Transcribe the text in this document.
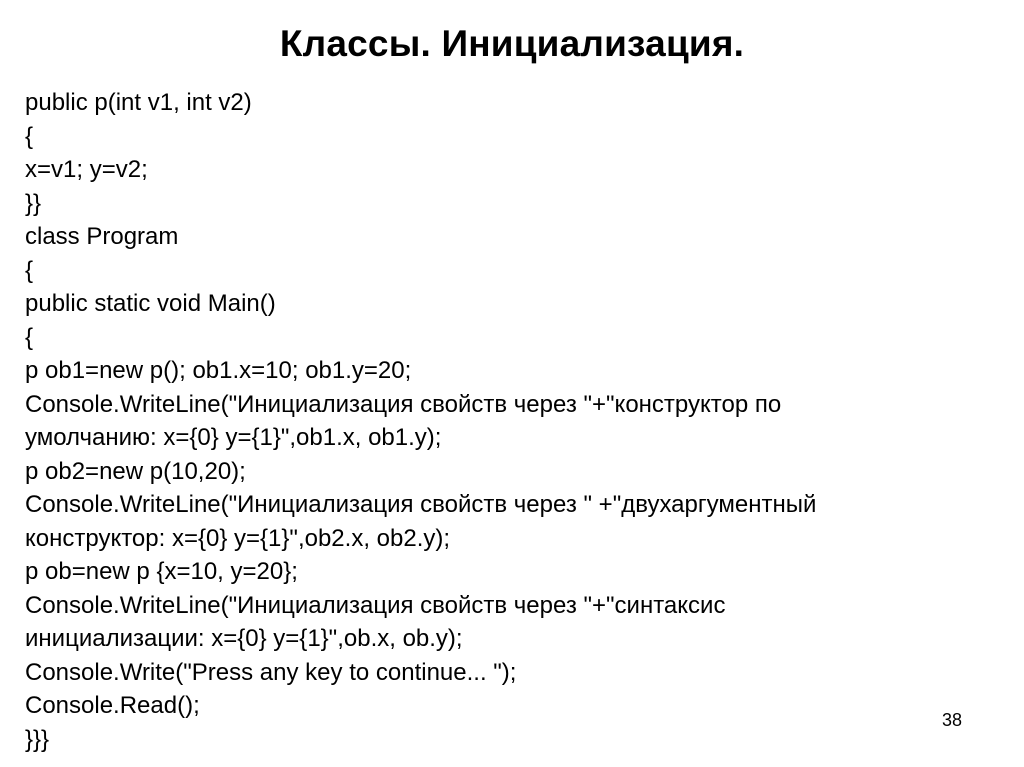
Классы. Инициализация.
public p(int v1, int v2)
{
x=v1; y=v2;
}}
class Program
{
public static void Main()
{
p ob1=new p(); ob1.x=10; ob1.y=20;
Console.WriteLine("Инициализация свойств через "+"конструктор по
умолчанию: x={0} y={1}",ob1.x, ob1.y);
p ob2=new p(10,20);
Console.WriteLine("Инициализация свойств через " +"двухаргументный
конструктор: x={0} y={1}",ob2.x, ob2.y);
p ob=new p {x=10, y=20};
Console.WriteLine("Инициализация свойств через "+"синтаксис
инициализации: x={0} y={1}",ob.x, ob.y);
Console.Write("Press any key to continue... ");
Console.Read();
}}}
38
